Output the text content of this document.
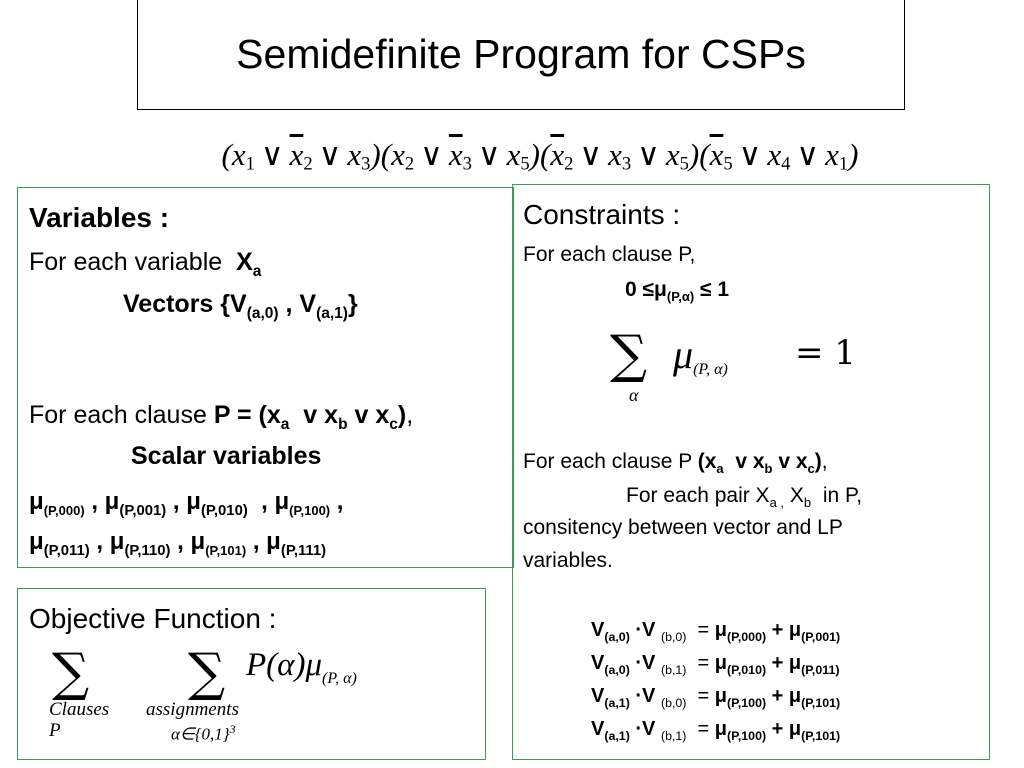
Semidefinite Program for CSPs
($x_1$ ∨ $\overline{x}_2$ ∨ $x_3$) ($x_2$ ∨ $\overline{x}_3$ ∨ $x_5$) ($\overline{x}_2$ ∨ $x_3$ ∨ $x_5$) ($\overline{x}_5$ ∨ $x_4$ ∨ $x_1$)
Variables :
For each variable $X_a$
Vectors {$V_{(a,0)}$ , $V_{(a,1)}$}
For each clause $P = (x_a$  v $x_b$ v $x_c$),
Scalar variables
$\mu_{(P,000)}$ , $\mu_{(P,001)}$ , $\mu_{(P,010)}$  , $\mu_{(P,100)}$ ,
$\mu_{(P,011)}$ , $\mu_{(P,110)}$ , $\mu_{(P,101)}$ , $\mu_{(P,111)}$
Constraints :
For each clause P,
$0 \le\mu_{(P,\alpha)} \le 1$
∑
α
μ(P, α) = 1
For each clause P ($x_a$  v $x_b$ v $x_c$),
For each pair $X_{a ,}$ $X_b$ in P,
consitency between vector and LP
variables.
$V_{(a,0)} \cdot V$ $_{(b,0)} = \mu_{(P,000)} + \mu_{(P,001)}$
$V_{(a,0)} \cdot V$ $_{(b,1)} = \mu_{(P,010)} + \mu_{(P,011)}$
$V_{(a,1)} \cdot V$ $_{(b,0)} = \mu_{(P,100)} + \mu_{(P,101)}$
$V_{(a,1)} \cdot V$ $_{(b,1)} = \mu_{(P,100)} + \mu_{(P,101)}$
Objective Function :
∑
Clauses
P
∑
assignments
$\alpha\in\{0,1\}^3$
$P(\alpha)\mu_{(P, \alpha)}$
